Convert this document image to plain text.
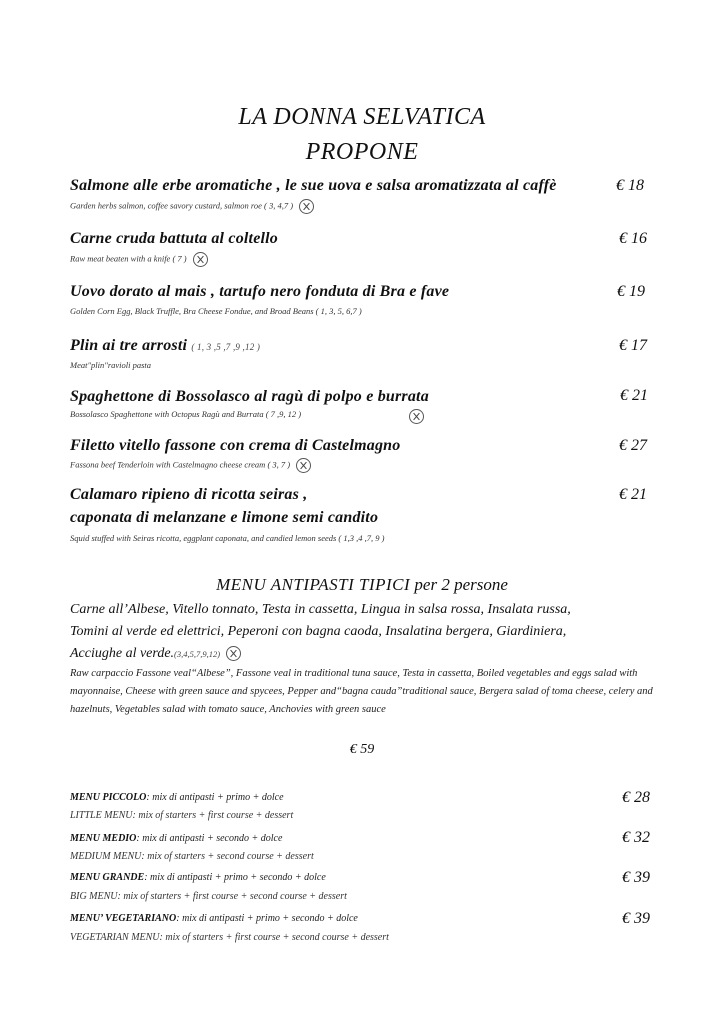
LA DONNA SELVATICA
PROPONE
Salmone alle erbe aromatiche , le sue uova e salsa aromatizzata al caffè	€ 18
Garden herbs salmon, coffee savory custard, salmon roe ( 3, 4,7 )
Carne cruda battuta al coltello	€ 16
Raw meat beaten with a knife ( 7 )
Uovo dorato al mais , tartufo nero fonduta di Bra e fave	€ 19
Golden Corn Egg, Black Truffle, Bra Cheese Fondue, and Broad Beans ( 1, 3, 5, 6,7 )
Plin ai tre arrosti ( 1, 3 ,5 ,7 ,9 ,12 )	€ 17
Meat"plin"ravioli pasta
Spaghettone di Bossolasco al ragù di polpo e burrata	€ 21
Bossolasco Spaghettone with Octopus Ragù and Burrata ( 7 ,9, 12 )
Filetto vitello fassone con crema di Castelmagno	€ 27
Fassona beef Tenderloin with Castelmagno cheese cream ( 3, 7 )
Calamaro ripieno di ricotta seiras ,
caponata di melanzane e limone semi candito
€ 21
Squid stuffed with Seiras ricotta, eggplant caponata, and candied lemon seeds ( 1,3 ,4 ,7, 9 )
MENU ANTIPASTI TIPICI per 2 persone
Carne all’Albese, Vitello tonnato, Testa in cassetta, Lingua in salsa rossa, Insalata russa,
Tomini al verde ed elettrici, Peperoni con bagna caoda, Insalatina bergera, Giardiniera,
Acciughe al verde.(3,4,5,7,9,12)
Raw carpaccio Fassone veal“Albese”, Fassone veal in traditional tuna sauce, Testa in cassetta, Boiled vegetables and eggs salad with mayonnaise, Cheese with green sauce and spycees, Pepper and“bagna cauda”traditional sauce, Bergera salad of toma cheese, celery and hazelnuts, Vegetables salad with tomato sauce, Anchovies with green sauce
€ 59
MENU PICCOLO: mix di antipasti + primo + dolce	€ 28
LITTLE MENU: mix of starters + first course + dessert
MENU MEDIO: mix di antipasti + secondo + dolce	€ 32
MEDIUM MENU: mix of starters + second course + dessert
MENU GRANDE: mix di antipasti + primo + secondo + dolce	€ 39
BIG MENU: mix of starters + first course + second course + dessert
MENU’ VEGETARIANO: mix di antipasti + primo + secondo + dolce	€ 39
VEGETARIAN MENU: mix of starters + first course + second course + dessert
